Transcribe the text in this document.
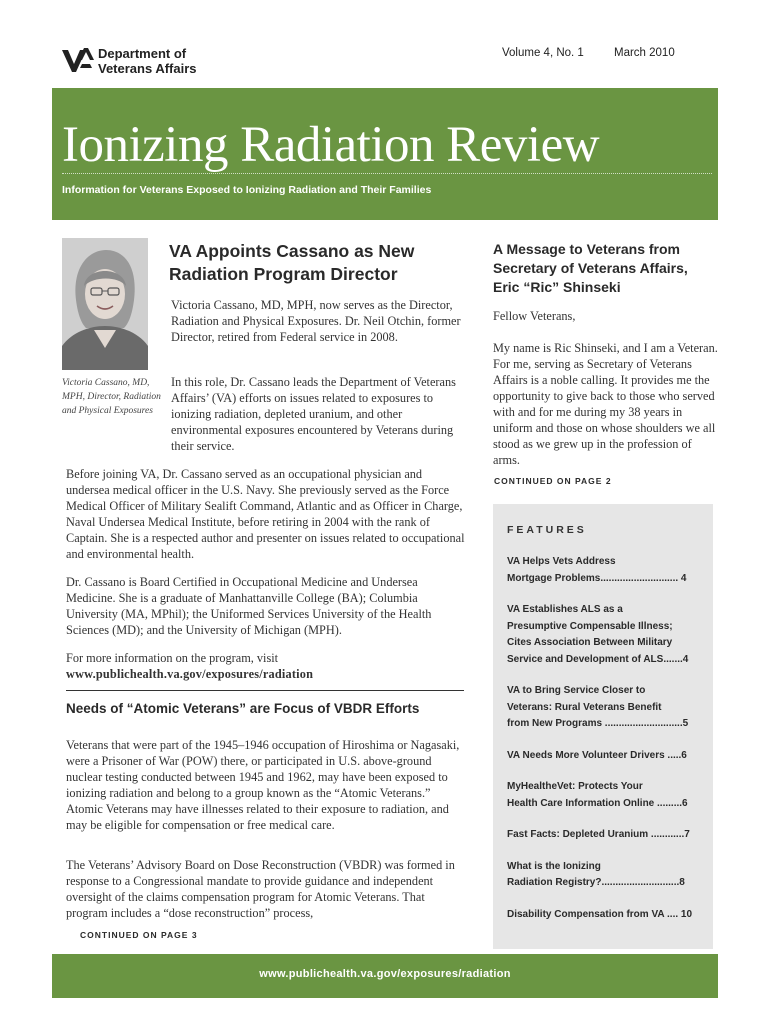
Department of
Veterans Affairs
Volume 4, No. 1	March 2010
Ionizing Radiation Review
Information for Veterans Exposed to Ionizing Radiation and Their Families
Victoria Cassano, MD, MPH, Director, Radiation and Physical Exposures
VA Appoints Cassano as New Radiation Program Director
Victoria Cassano, MD, MPH, now serves as the Director, Radiation and Physical Exposures. Dr. Neil Otchin, former Director, retired from Federal service in 2008.
In this role, Dr. Cassano leads the Department of Veterans Affairs’ (VA) efforts on issues related to exposures to ionizing radiation, depleted uranium, and other environmental exposures encountered by Veterans during their service.
Before joining VA, Dr. Cassano served as an occupational physician and undersea medical officer in the U.S. Navy. She previously served as the Force Medical Officer of Military Sealift Command, Atlantic and as Officer in Charge, Naval Undersea Medical Institute, before retiring in 2004 with the rank of Captain. She is a respected author and presenter on issues related to occupational and environmental health.
Dr. Cassano is Board Certified in Occupational Medicine and Undersea Medicine. She is a graduate of Manhattanville College (BA); Columbia University (MA, MPhil); the Uniformed Services University of the Health Sciences (MD); and the University of Michigan (MPH).
For more information on the program, visit
www.publichealth.va.gov/exposures/radiation
Needs of “Atomic Veterans” are Focus of VBDR Efforts
Veterans that were part of the 1945–1946 occupation of Hiroshima or Nagasaki, were a Prisoner of War (POW) there, or participated in U.S. above-ground nuclear testing conducted between 1945 and 1962, may have been exposed to ionizing radiation and belong to a group known as the “Atomic Veterans.” Atomic Veterans may have illnesses related to their exposure to radiation, and may be eligible for compensation or free medical care.
The Veterans’ Advisory Board on Dose Reconstruction (VBDR) was formed in response to a Congressional mandate to provide guidance and independent oversight of the claims compensation program for Atomic Veterans. That program includes a “dose reconstruction” process,
CONTINUED ON PAGE 3
A Message to Veterans from Secretary of Veterans Affairs, Eric “Ric” Shinseki
Fellow Veterans,
My name is Ric Shinseki, and I am a Veteran. For me, serving as Secretary of Veterans Affairs is a noble calling. It provides me the opportunity to give back to those who served with and for me during my 38 years in uniform and those on whose shoulders we all stood as we grew up in the profession of arms.
CONTINUED ON PAGE 2
FEATURES
VA Helps Vets Address
Mortgage Problems............................ 4
VA Establishes ALS as a
Presumptive Compensable Illness;
Cites Association Between Military
Service and Development of ALS.......4
VA to Bring Service Closer to
Veterans: Rural Veterans Benefit
from New Programs ............................5
VA Needs More Volunteer Drivers .....6
MyHealtheVet: Protects Your
Health Care Information Online .........6
Fast Facts: Depleted Uranium ............7
What is the Ionizing
Radiation Registry?............................8
Disability Compensation from VA .... 10
www.publichealth.va.gov/exposures/radiation
